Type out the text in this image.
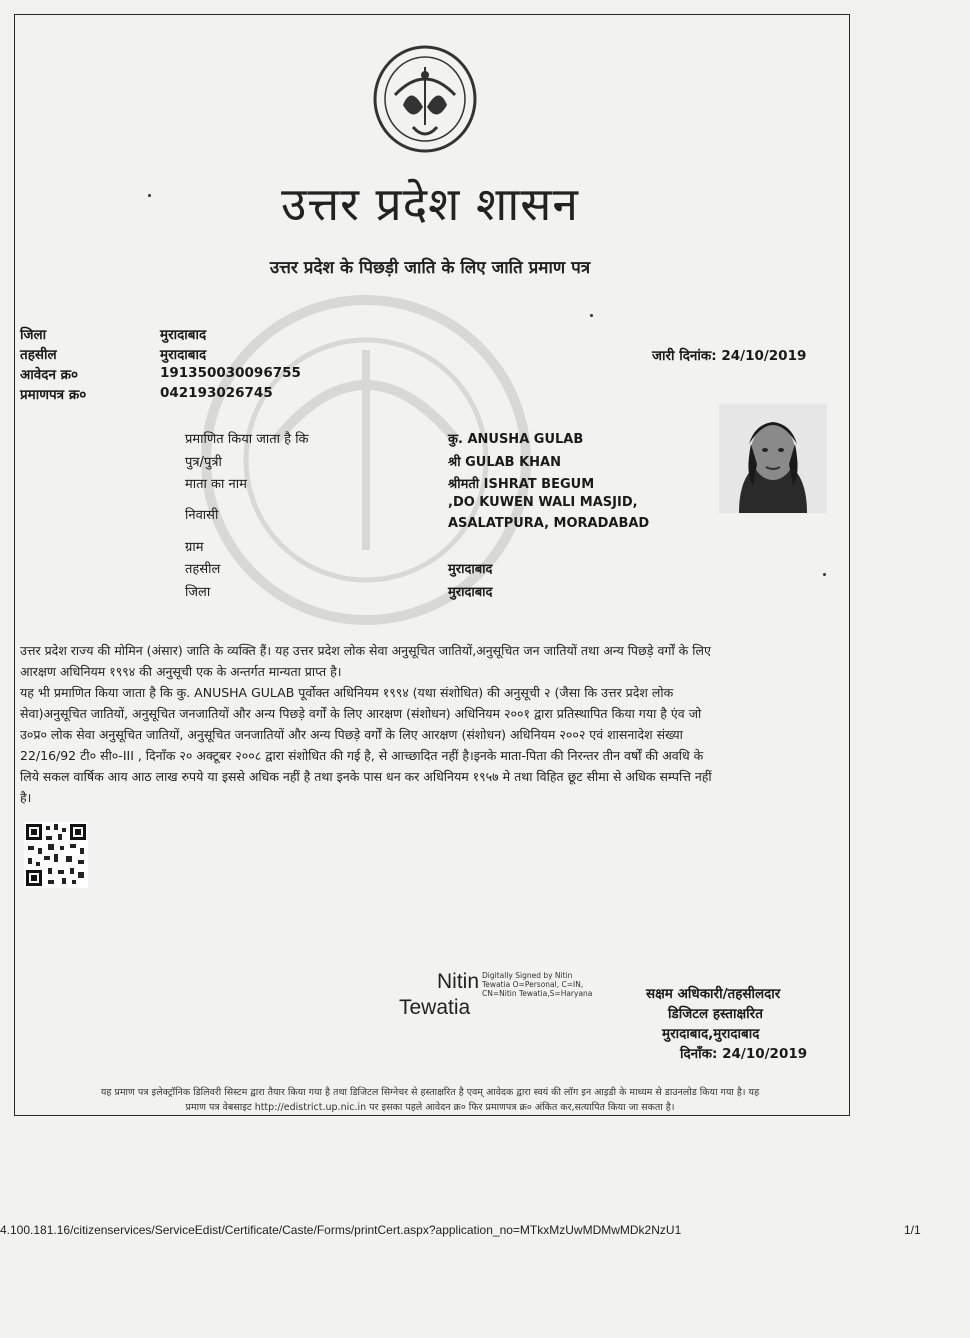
उत्तर प्रदेश शासन
उत्तर प्रदेश के पिछड़ी जाति के लिए जाति प्रमाण पत्र
जिला	मुरादाबाद
तहसील	मुरादाबाद
आवेदन क्र०	191350030096755
प्रमाणपत्र क्र०	042193026745
जारी दिनांक: 24/10/2019
प्रमाणित किया जाता है कि	कु. ANUSHA GULAB
पुत्र/पुत्री	श्री GULAB KHAN
माता का नाम	श्रीमती ISHRAT BEGUM
निवासी
,DO KUWEN WALI MASJID,
ASALATPURA, MORADABAD
ग्राम
तहसील	मुरादाबाद
जिला	मुरादाबाद
उत्तर प्रदेश राज्य की मोमिन (अंसार) जाति के व्यक्ति हैं। यह उत्तर प्रदेश लोक सेवा अनुसूचित जातियों,अनुसूचित जन जातियों तथा अन्य पिछड़े वर्गों के लिए
आरक्षण अधिनियम १९९४ की अनुसूची एक के अन्तर्गत मान्यता प्राप्त है।
यह भी प्रमाणित किया जाता है कि कु. ANUSHA GULAB पूर्वोक्त अधिनियम १९९४ (यथा संशोधित) की अनुसूची २ (जैसा कि उत्तर प्रदेश लोक
सेवा)अनुसूचित जातियों, अनुसूचित जनजातियों और अन्य पिछड़े वर्गों के लिए आरक्षण (संशोधन) अधिनियम २००१ द्वारा प्रतिस्थापित किया गया है एंव जो
उ०प्र० लोक सेवा अनुसूचित जातियों, अनुसूचित जनजातियों और अन्य पिछड़े वर्गों के लिए आरक्षण (संशोधन) अधिनियम २००२ एवं शासनादेश संख्या
22/16/92 टी० सी०-III , दिनाँक २० अक्टूबर २००८ द्वारा संशोधित की गई है, से आच्छादित नहीं है।इनके माता-पिता की निरन्तर तीन वर्षों की अवधि के
लिये सकल वार्षिक आय आठ लाख रुपये या इससे अधिक नहीं है तथा इनके पास धन कर अधिनियम १९५७ मे तथा विहित छूट सीमा से अधिक सम्पत्ति नहीं
है।
Nitin
Tewatia
Digitally Signed by Nitin
Tewatia O=Personal, C=IN,
CN=Nitin Tewatia,S=Haryana	सक्षम अधिकारी/तहसीलदार
डिजिटल हस्ताक्षरित
मुरादाबाद,मुरादाबाद
दिनाँक: 24/10/2019
यह प्रमाण पत्र इलेक्ट्रॉनिक डिलिवरी सिस्टम द्वारा तैयार किया गया है तथा डिजिटल सिग्नेचर से हस्ताक्षरित है एवम् आवेदक द्वारा स्वयं की लॉग इन आइडी के माध्यम से डाउनलोड किया गया है। यह
प्रमाण पत्र वेबसाइट http://edistrict.up.nic.in पर इसका पहले आवेदन क्र० फिर प्रमाणपत्र क्र० अंकित कर,सत्यापित किया जा सकता है।
4.100.181.16/citizenservices/ServiceEdist/Certificate/Caste/Forms/printCert.aspx?application_no=MTkxMzUwMDMwMDk2NzU1	1/1
